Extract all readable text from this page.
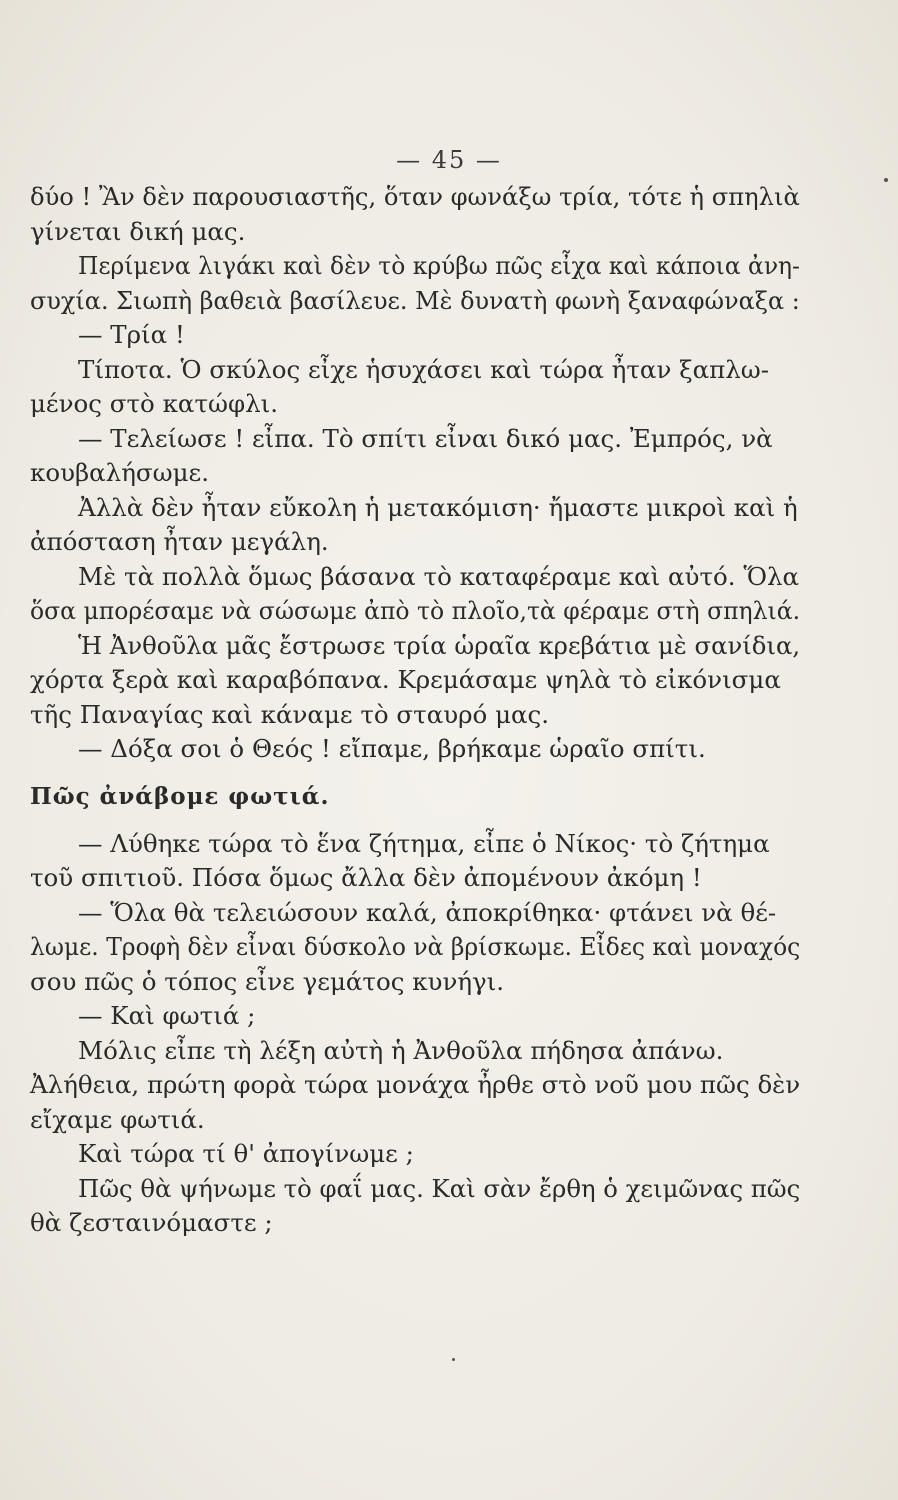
— 45 —
δύο ! Ἂν δὲν παρουσιαστῆς, ὅταν φωνάξω τρία, τότε ἡ σπηλιὰ
γίνεται δική μας.
Περίμενα λιγάκι καὶ δὲν τὸ κρύβω πῶς εἶχα καὶ κάποια ἀνη-
συχία. Σιωπὴ βαθειὰ βασίλευε. Μὲ δυνατὴ φωνὴ ξαναφώναξα :
— Τρία !
Τίποτα. Ὁ σκύλος εἶχε ἡσυχάσει καὶ τώρα ἦταν ξαπλω-
μένος στὸ κατώφλι.
— Τελείωσε ! εἶπα. Τὸ σπίτι εἶναι δικό μας. Ἐμπρός, νὰ
κουβαλήσωμε.
Ἀλλὰ δὲν ἦταν εὔκολη ἡ μετακόμιση· ἤμαστε μικροὶ καὶ ἡ
ἀπόσταση ἦταν μεγάλη.
Μὲ τὰ πολλὰ ὅμως βάσανα τὸ καταφέραμε καὶ αὐτό. Ὅλα
ὅσα μπορέσαμε νὰ σώσωμε ἀπὸ τὸ πλοῖο,τὰ φέραμε στὴ σπηλιά.
Ἡ Ἀνθοῦλα μᾶς ἔστρωσε τρία ὡραῖα κρεβάτια μὲ σανίδια,
χόρτα ξερὰ καὶ καραβόπανα. Κρεμάσαμε ψηλὰ τὸ εἰκόνισμα
τῆς Παναγίας καὶ κάναμε τὸ σταυρό μας.
— Δόξα σοι ὁ Θεός ! εἴπαμε, βρήκαμε ὡραῖο σπίτι.
Πῶς ἀνάβομε φωτιά.
— Λύθηκε τώρα τὸ ἕνα ζήτημα, εἶπε ὁ Νίκος· τὸ ζήτημα
τοῦ σπιτιοῦ. Πόσα ὅμως ἄλλα δὲν ἀπομένουν ἀκόμη !
— Ὅλα θὰ τελειώσουν καλά, ἀποκρίθηκα· φτάνει νὰ θέ-
λωμε. Τροφὴ δὲν εἶναι δύσκολο νὰ βρίσκωμε. Εἶδες καὶ μοναχός
σου πῶς ὁ τόπος εἶνε γεμάτος κυνήγι.
— Καὶ φωτιά ;
Μόλις εἶπε τὴ λέξη αὐτὴ ἡ Ἀνθοῦλα πήδησα ἀπάνω.
Ἀλήθεια, πρώτη φορὰ τώρα μονάχα ἦρθε στὸ νοῦ μου πῶς δὲν
εἴχαμε φωτιά.
Καὶ τώρα τί θ' ἀπογίνωμε ;
Πῶς θὰ ψήνωμε τὸ φαΐ μας. Καὶ σὰν ἔρθη ὁ χειμῶνας πῶς
θὰ ζεσταινόμαστε ;
